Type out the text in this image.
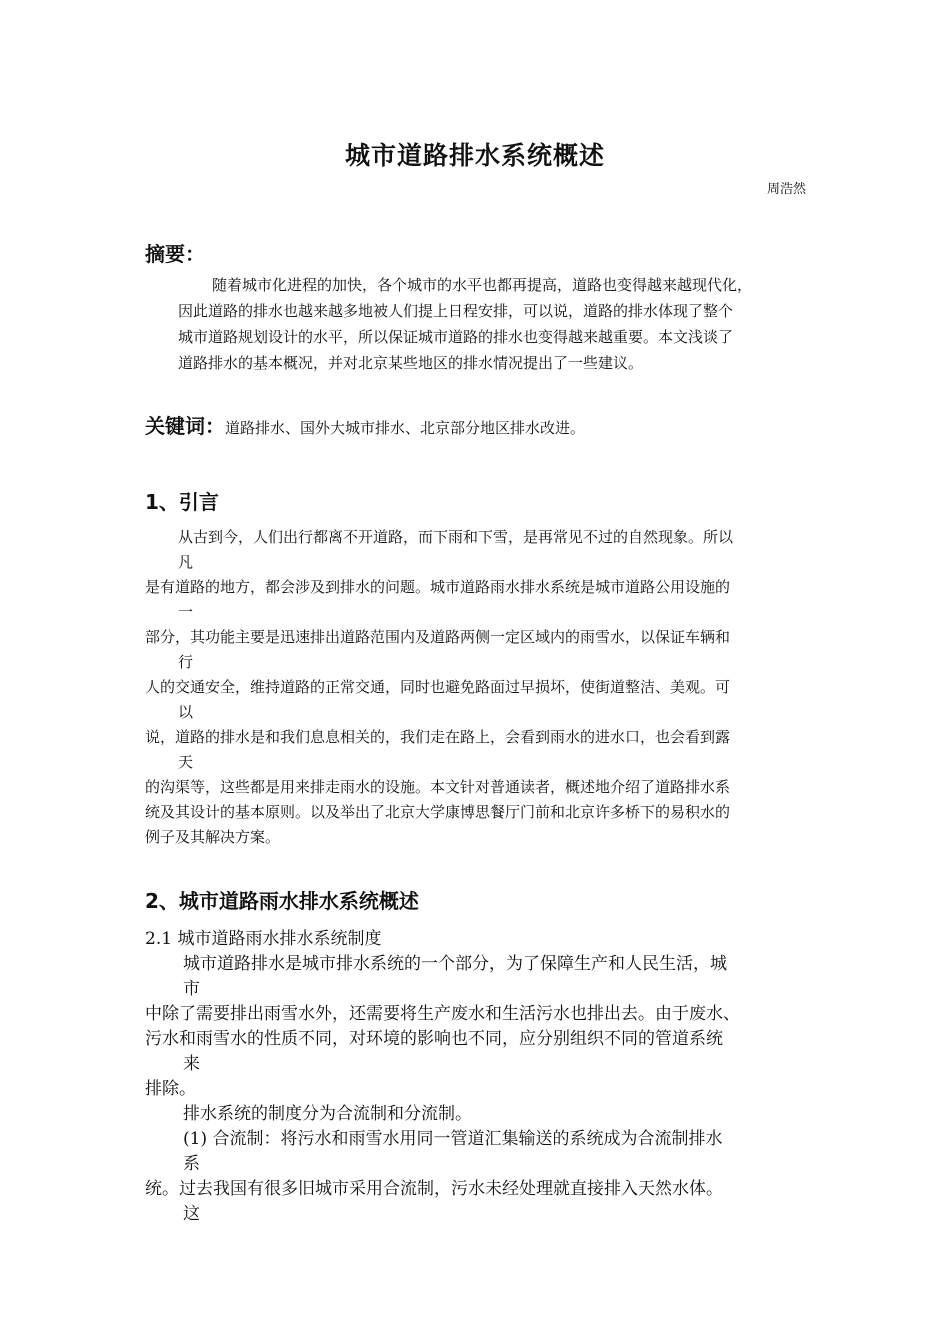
城市道路排水系统概述
周浩然
摘要：
随着城市化进程的加快，各个城市的水平也都再提高，道路也变得越来越现代化，
因此道路的排水也越来越多地被人们提上日程安排，可以说，道路的排水体现了整个
城市道路规划设计的水平，所以保证城市道路的排水也变得越来越重要。本文浅谈了
道路排水的基本概况，并对北京某些地区的排水情况提出了一些建议。
关键词：道路排水、国外大城市排水、北京部分地区排水改进。
1、引言
从古到今，人们出行都离不开道路，而下雨和下雪，是再常见不过的自然现象。所以
凡
是有道路的地方，都会涉及到排水的问题。城市道路雨水排水系统是城市道路公用设施的
一
部分，其功能主要是迅速排出道路范围内及道路两侧一定区域内的雨雪水，以保证车辆和
行
人的交通安全，维持道路的正常交通，同时也避免路面过早损坏，使街道整洁、美观。可
以
说，道路的排水是和我们息息相关的，我们走在路上，会看到雨水的进水口，也会看到露
天
的沟渠等，这些都是用来排走雨水的设施。本文针对普通读者，概述地介绍了道路排水系
统及其设计的基本原则。以及举出了北京大学康博思餐厅门前和北京许多桥下的易积水的
例子及其解决方案。
2、城市道路雨水排水系统概述
2.1 城市道路雨水排水系统制度
城市道路排水是城市排水系统的一个部分，为了保障生产和人民生活，城
市
中除了需要排出雨雪水外，还需要将生产废水和生活污水也排出去。由于废水、
污水和雨雪水的性质不同，对环境的影响也不同，应分别组织不同的管道系统
来
排除。
排水系统的制度分为合流制和分流制。
(1) 合流制：将污水和雨雪水用同一管道汇集输送的系统成为合流制排水
系
统。过去我国有很多旧城市采用合流制，污水未经处理就直接排入天然水体。
这
